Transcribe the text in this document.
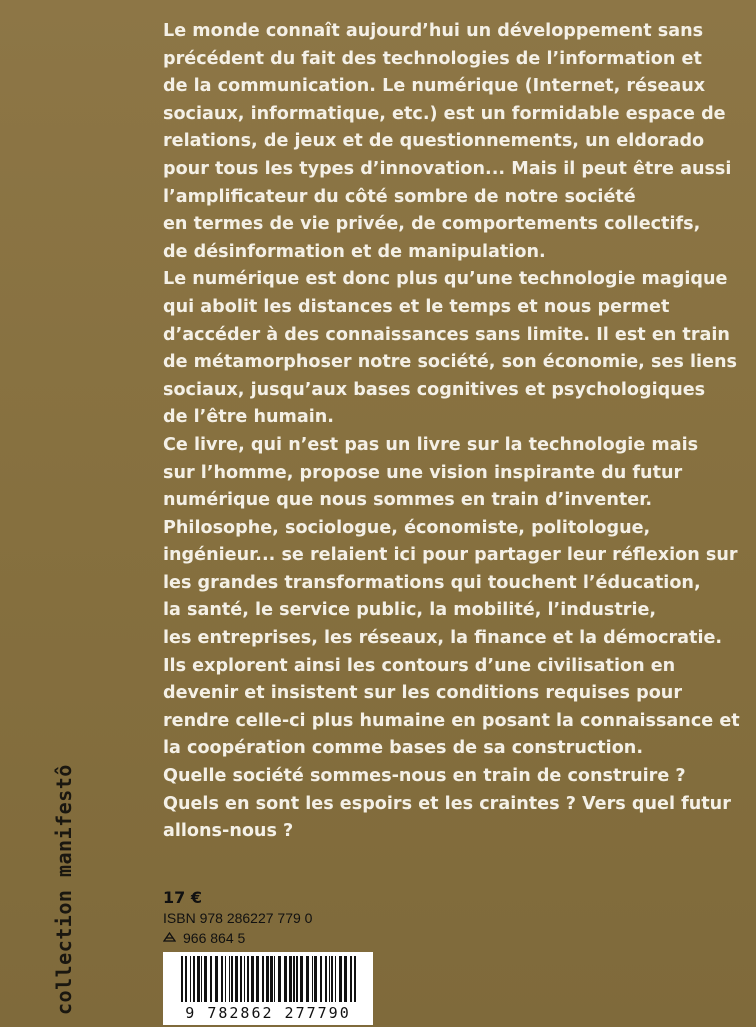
Le monde connaît aujourd’hui un développement sans
précédent du fait des technologies de l’information et
de la communication. Le numérique (Internet, réseaux
sociaux, informatique, etc.) est un formidable espace de
relations, de jeux et de questionnements, un eldorado
pour tous les types d’innovation... Mais il peut être aussi
l’amplificateur du côté sombre de notre société
en termes de vie privée, de comportements collectifs,
de désinformation et de manipulation.
Le numérique est donc plus qu’une technologie magique
qui abolit les distances et le temps et nous permet
d’accéder à des connaissances sans limite. Il est en train
de métamorphoser notre société, son économie, ses liens
sociaux, jusqu’aux bases cognitives et psychologiques
de l’être humain.
Ce livre, qui n’est pas un livre sur la technologie mais
sur l’homme, propose une vision inspirante du futur
numérique que nous sommes en train d’inventer.
Philosophe, sociologue, économiste, politologue,
ingénieur... se relaient ici pour partager leur réflexion sur
les grandes transformations qui touchent l’éducation,
la santé, le service public, la mobilité, l’industrie,
les entreprises, les réseaux, la finance et la démocratie.
Ils explorent ainsi les contours d’une civilisation en
devenir et insistent sur les conditions requises pour
rendre celle-ci plus humaine en posant la connaissance et
la coopération comme bases de sa construction.
Quelle société sommes-nous en train de construire ?
Quels en sont les espoirs et les craintes ? Vers quel futur
allons-nous ?
collection manifestô	17 €
ISBN 978 286227 779 0
966 864 5
9 782862 277790
